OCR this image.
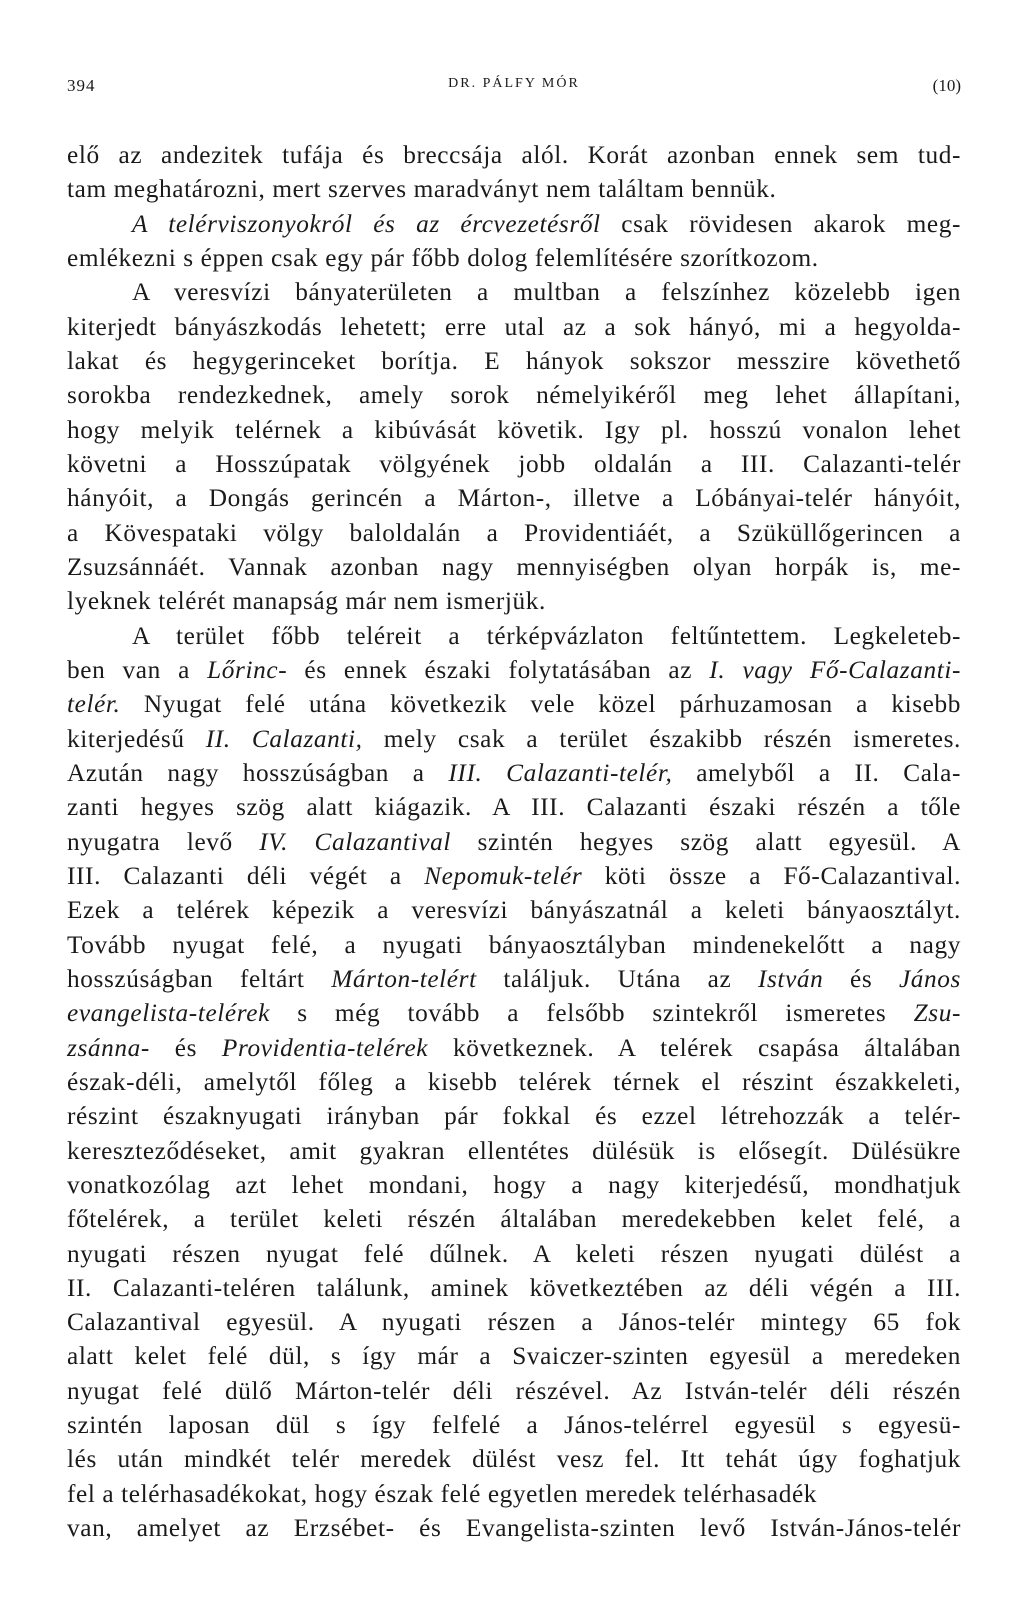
394	DR. PÁLFY MÓR	(10)
elő az andezitek tufája és breccsája alól. Korát azonban ennek sem tud-
tam meghatározni, mert szerves maradványt nem találtam bennük.
A telérviszonyokról és az ércvezetésről csak rövidesen akarok meg-
emlékezni s éppen csak egy pár főbb dolog felemlítésére szorítkozom.
A veresvízi bányaterületen a multban a felszínhez közelebb igen
kiterjedt bányászkodás lehetett; erre utal az a sok hányó, mi a hegyolda-
lakat és hegygerinceket borítja. E hányok sokszor messzire követhető
sorokba rendezkednek, amely sorok némelyikéről meg lehet állapítani,
hogy melyik telérnek a kibúvását követik. Igy pl. hosszú vonalon lehet
követni a Hosszúpatak völgyének jobb oldalán a III. Calazanti-telér
hányóit, a Dongás gerincén a Márton-, illetve a Lóbányai-telér hányóit,
a Kövespataki völgy baloldalán a Providentiáét, a Szüküllőgerincen a
Zsuzsánnáét. Vannak azonban nagy mennyiségben olyan horpák is, me-
lyeknek telérét manapság már nem ismerjük.
A terület főbb teléreit a térképvázlaton feltűntettem. Legkeleteb-
ben van a Lőrinc- és ennek északi folytatásában az I. vagy Fő-Calazanti-
telér. Nyugat felé utána következik vele közel párhuzamosan a kisebb
kiterjedésű II. Calazanti, mely csak a terület északibb részén ismeretes.
Azután nagy hosszúságban a III. Calazanti-telér, amelyből a II. Cala-
zanti hegyes szög alatt kiágazik. A III. Calazanti északi részén a tőle
nyugatra levő IV. Calazantival szintén hegyes szög alatt egyesül. A
III. Calazanti déli végét a Nepomuk-telér köti össze a Fő-Calazantival.
Ezek a telérek képezik a veresvízi bányászatnál a keleti bányaosztályt.
Tovább nyugat felé, a nyugati bányaosztályban mindenekelőtt a nagy
hosszúságban feltárt Márton-telért találjuk. Utána az István és János
evangelista-telérek s még tovább a felsőbb szintekről ismeretes Zsu-
zsánna- és Providentia-telérek következnek. A telérek csapása általában
észak-déli, amelytől főleg a kisebb telérek térnek el részint északkeleti,
részint északnyugati irányban pár fokkal és ezzel létrehozzák a telér-
kereszteződéseket, amit gyakran ellentétes dülésük is elősegít. Dülésükre
vonatkozólag azt lehet mondani, hogy a nagy kiterjedésű, mondhatjuk
főtelérek, a terület keleti részén általában meredekebben kelet felé, a
nyugati részen nyugat felé dűlnek. A keleti részen nyugati dülést a
II. Calazanti-teléren találunk, aminek következtében az déli végén a III.
Calazantival egyesül. A nyugati részen a János-telér mintegy 65 fok
alatt kelet felé dül, s így már a Svaiczer-szinten egyesül a meredeken
nyugat felé dülő Márton-telér déli részével. Az István-telér déli részén
szintén laposan dül s így felfelé a János-telérrel egyesül s egyesü-
lés után mindkét telér meredek dülést vesz fel. Itt tehát úgy foghatjuk
fel a telérhasadékokat, hogy észak felé egyetlen meredek telérhasadék
van, amelyet az Erzsébet- és Evangelista-szinten levő István-János-telér
